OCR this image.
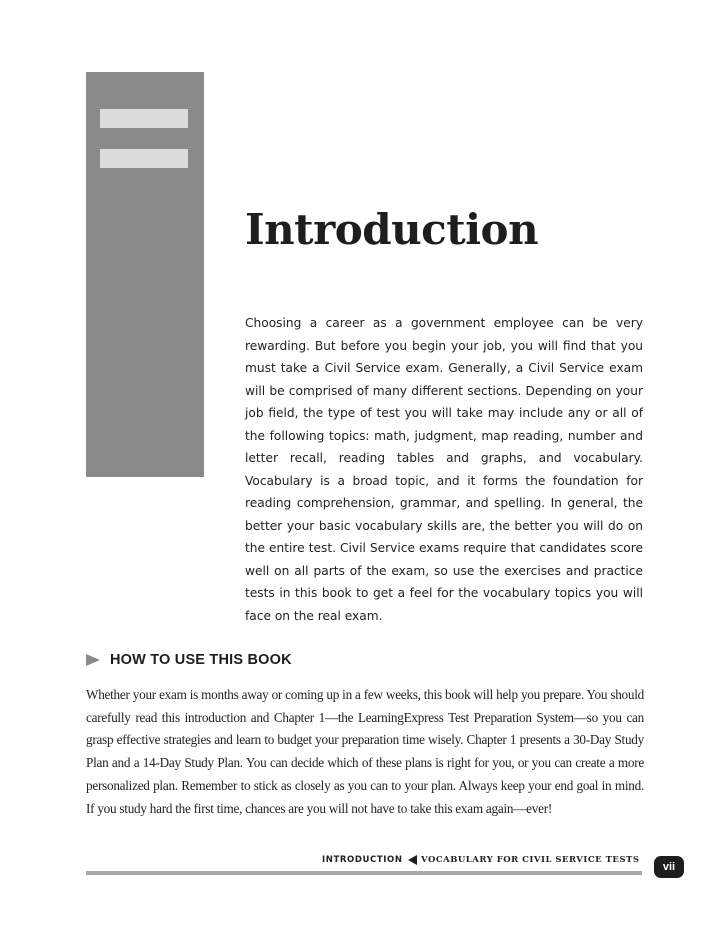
Introduction

Choosing a career as a government employee can be very rewarding. But before you begin your job, you will find that you must take a Civil Service exam. Generally, a Civil Service exam will be comprised of many different sections. Depending on your job field, the type of test you will take may include any or all of the following topics: math, judgment, map reading, number and letter recall, reading tables and graphs, and vocabulary. Vocabulary is a broad topic, and it forms the foundation for reading comprehension, grammar, and spelling. In general, the better your basic vocabulary skills are, the better you will do on the entire test. Civil Service exams require that candidates score well on all parts of the exam, so use the exercises and practice tests in this book to get a feel for the vocabulary topics you will face on the real exam.

HOW TO USE THIS BOOK

Whether your exam is months away or coming up in a few weeks, this book will help you prepare. You should carefully read this introduction and Chapter 1—the LearningExpress Test Preparation System—so you can grasp effective strategies and learn to budget your preparation time wisely. Chapter 1 presents a 30-Day Study Plan and a 14-Day Study Plan. You can decide which of these plans is right for you, or you can create a more personalized plan. Remember to stick as closely as you can to your plan. Always keep your end goal in mind. If you study hard the first time, chances are you will not have to take this exam again—ever!

INTRODUCTION VOCABULARY FOR CIVIL SERVICE TESTS
vii
